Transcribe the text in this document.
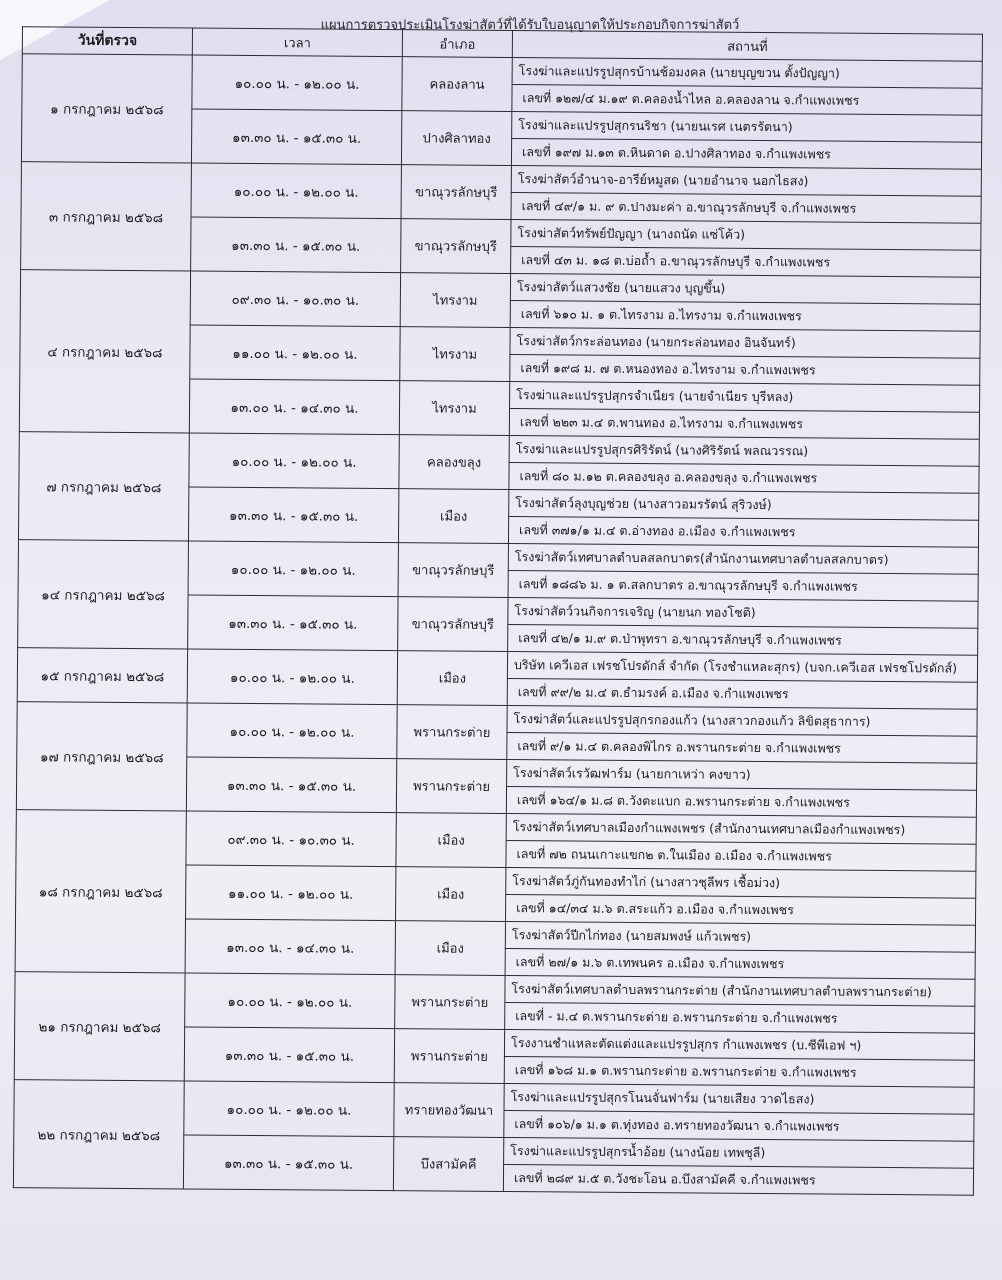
แผนการตรวจประเมินโรงฆ่าสัตว์ที่ได้รับใบอนุญาตให้ประกอบกิจการฆ่าสัตว์
วันที่ตรวจ	เวลา	อำเภอ	สถานที่
๑ กรกฎาคม ๒๕๖๘	๑๐.๐๐ น. - ๑๒.๐๐ น.	คลองลาน	โรงฆ่าและแปรรูปสุกรบ้านช้อมงคล (นายบุญขวน ตั้งปัญญา)
			เลขที่ ๑๒๗/๔ ม.๑๙ ต.คลองน้ำไหล อ.คลองลาน จ.กำแพงเพชร
	๑๓.๓๐ น. - ๑๕.๓๐ น.	ปางศิลาทอง	โรงฆ่าและแปรรูปสุกรนริชา (นายนเรศ เนตรรัตนา)
			เลขที่ ๑๙๗ ม.๑๓ ต.หินดาด อ.ปางศิลาทอง จ.กำแพงเพชร
๓ กรกฎาคม ๒๕๖๘	๑๐.๐๐ น. - ๑๒.๐๐ น.	ขาณุวรลักษบุรี	โรงฆ่าสัตว์อำนาจ-อารีย์หมูสด (นายอำนาจ นอกไธสง)
			เลขที่ ๔๙/๑ ม. ๙ ต.ปางมะค่า อ.ขาณุวรลักษบุรี จ.กำแพงเพชร
	๑๓.๓๐ น. - ๑๕.๓๐ น.	ขาณุวรลักษบุรี	โรงฆ่าสัตว์ทรัพย์ปัญญา (นางถนัด แซ่โค้ว)
			เลขที่ ๔๓ ม. ๑๘ ต.บ่อถ้ำ อ.ขาณุวรลักษบุรี จ.กำแพงเพชร
๔ กรกฎาคม ๒๕๖๘	๐๙.๓๐ น. - ๑๐.๓๐ น.	ไทรงาม	โรงฆ่าสัตว์แสวงชัย (นายแสวง บุญขึ้น)
			เลขที่ ๖๑๐ ม. ๑ ต.ไทรงาม อ.ไทรงาม จ.กำแพงเพชร
	๑๑.๐๐ น. - ๑๒.๐๐ น.	ไทรงาม	โรงฆ่าสัตว์กระล่อนทอง (นายกระล่อนทอง อินจันทร์)
			เลขที่ ๑๙๘ ม. ๗ ต.หนองทอง อ.ไทรงาม จ.กำแพงเพชร
	๑๓.๐๐ น. - ๑๔.๓๐ น.	ไทรงาม	โรงฆ่าและแปรรูปสุกรจำเนียร (นายจำเนียร บุรีหลง)
			เลขที่ ๒๒๓ ม.๔ ต.พานทอง อ.ไทรงาม จ.กำแพงเพชร
๗ กรกฎาคม ๒๕๖๘	๑๐.๐๐ น. - ๑๒.๐๐ น.	คลองขลุง	โรงฆ่าและแปรรูปสุกรศิริรัตน์ (นางศิริรัตน์ พลณวรรณ)
			เลขที่ ๘๐ ม.๑๒ ต.คลองขลุง อ.คลองขลุง จ.กำแพงเพชร
	๑๓.๓๐ น. - ๑๕.๓๐ น.	เมือง	โรงฆ่าสัตว์ลุงบุญช่วย (นางสาวอมรรัตน์ สุริวงษ์)
			เลขที่ ๓๗๑/๑ ม.๔ ต.อ่างทอง อ.เมือง จ.กำแพงเพชร
๑๔ กรกฎาคม ๒๕๖๘	๑๐.๐๐ น. - ๑๒.๐๐ น.	ขาณุวรลักษบุรี	โรงฆ่าสัตว์เทศบาลตำบลสลกบาตร(สำนักงานเทศบาลตำบลสลกบาตร)
			เลขที่ ๑๘๘๖ ม. ๑ ต.สลกบาตร อ.ขาณุวรลักษบุรี จ.กำแพงเพชร
	๑๓.๓๐ น. - ๑๕.๓๐ น.	ขาณุวรลักษบุรี	โรงฆ่าสัตว์วนกิจการเจริญ (นายนก ทองโชติ)
			เลขที่ ๔๒/๑ ม.๙ ต.ป่าพุทรา อ.ขาณุวรลักษบุรี จ.กำแพงเพชร
๑๕ กรกฎาคม ๒๕๖๘	๑๐.๐๐ น. - ๑๒.๐๐ น.	เมือง	บริษัท เควีเอส เฟรชโปรดักส์ จำกัด (โรงชำแหละสุกร) (บจก.เควีเอส เฟรชโปรดักส์)
			เลขที่ ๙๙/๒ ม.๔ ต.ธำมรงค์ อ.เมือง จ.กำแพงเพชร
๑๗ กรกฎาคม ๒๕๖๘	๑๐.๐๐ น. - ๑๒.๐๐ น.	พรานกระต่าย	โรงฆ่าสัตว์และแปรรูปสุกรกองแก้ว (นางสาวกองแก้ว ลิขิตสุธาการ)
			เลขที่ ๙/๑ ม.๔ ต.คลองพิไกร อ.พรานกระต่าย จ.กำแพงเพชร
	๑๓.๓๐ น. - ๑๕.๓๐ น.	พรานกระต่าย	โรงฆ่าสัตว์เรวัฒฟาร์ม (นายกาเหว่า คงขาว)
			เลขที่ ๑๖๔/๑ ม.๘ ต.วังตะแบก อ.พรานกระต่าย จ.กำแพงเพชร
๑๘ กรกฎาคม ๒๕๖๘	๐๙.๓๐ น. - ๑๐.๓๐ น.	เมือง	โรงฆ่าสัตว์เทศบาลเมืองกำแพงเพชร (สำนักงานเทศบาลเมืองกำแพงเพชร)
			เลขที่ ๗๒ ถนนเกาะแขก๒ ต.ในเมือง อ.เมือง จ.กำแพงเพชร
	๑๑.๐๐ น. - ๑๒.๐๐ น.	เมือง	โรงฆ่าสัตว์ภู่กันทองทำไก่ (นางสาวชุลีพร เชื้อม่วง)
			เลขที่ ๑๔/๓๔ ม.๖ ต.สระแก้ว อ.เมือง จ.กำแพงเพชร
	๑๓.๐๐ น. - ๑๔.๓๐ น.	เมือง	โรงฆ่าสัตว์ปีกไก่ทอง (นายสมพงษ์ แก้วเพชร)
			เลขที่ ๒๗/๑ ม.๖ ต.เทพนคร อ.เมือง จ.กำแพงเพชร
๒๑ กรกฎาคม ๒๕๖๘	๑๐.๐๐ น. - ๑๒.๐๐ น.	พรานกระต่าย	โรงฆ่าสัตว์เทศบาลตำบลพรานกระต่าย (สำนักงานเทศบาลตำบลพรานกระต่าย)
			เลขที่ - ม.๔ ต.พรานกระต่าย อ.พรานกระต่าย จ.กำแพงเพชร
	๑๓.๓๐ น. - ๑๕.๓๐ น.	พรานกระต่าย	โรงงานชำแหละตัดแต่งและแปรรูปสุกร กำแพงเพชร (บ.ซีพีเอฟ ฯ)
			เลขที่ ๑๖๘ ม.๑ ต.พรานกระต่าย อ.พรานกระต่าย จ.กำแพงเพชร
๒๒ กรกฎาคม ๒๕๖๘	๑๐.๐๐ น. - ๑๒.๐๐ น.	ทรายทองวัฒนา	โรงฆ่าและแปรรูปสุกรโนนจั่นฟาร์ม (นายเสียง วาดไธสง)
			เลขที่ ๑๐๖/๑ ม.๑ ต.ทุ่งทอง อ.ทรายทองวัฒนา จ.กำแพงเพชร
	๑๓.๓๐ น. - ๑๕.๓๐ น.	บึงสามัคคี	โรงฆ่าและแปรรูปสุกรน้ำอ้อย (นางน้อย เทพชุลี)
			เลขที่ ๒๘๙ ม.๕ ต.วังชะโอน อ.บึงสามัคคี จ.กำแพงเพชร
